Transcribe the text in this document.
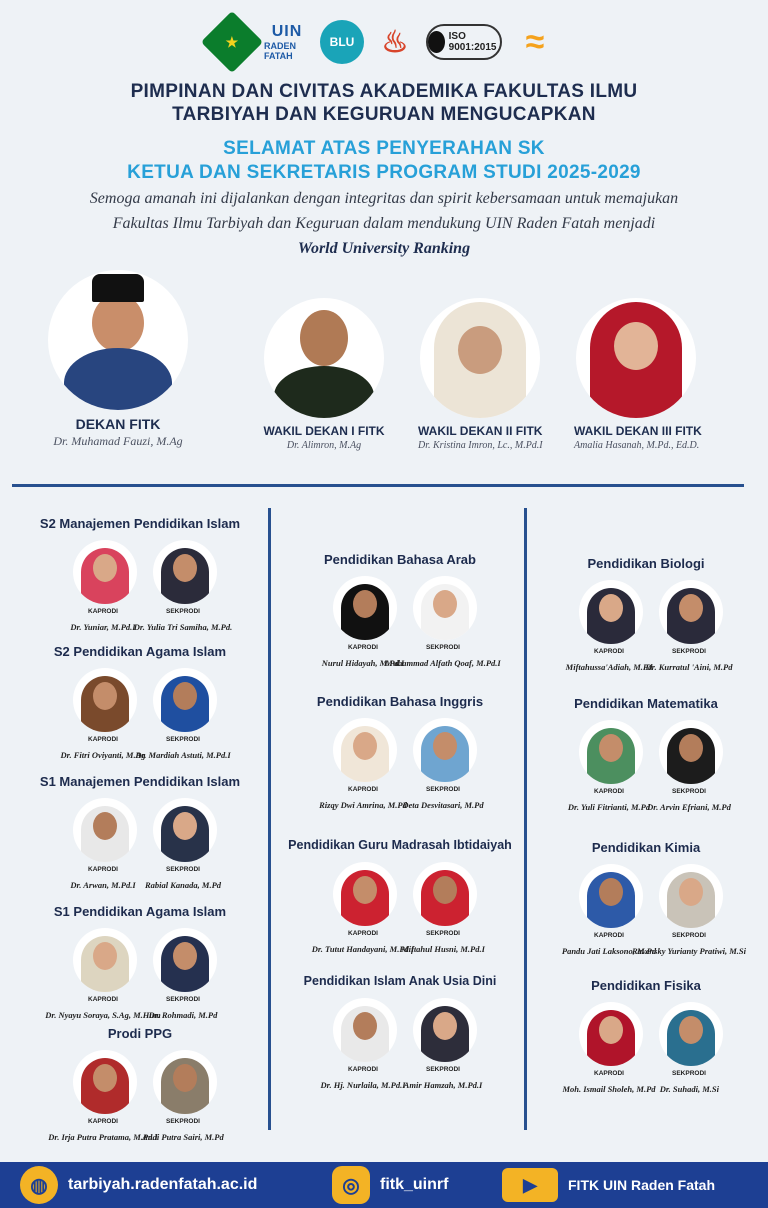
★
UIN
RADEN FATAH
BLU ♨	ISO 9001:2015 ≈
PIMPINAN DAN CIVITAS AKADEMIKA FAKULTAS ILMU
TARBIYAH DAN KEGURUAN MENGUCAPKAN
SELAMAT ATAS PENYERAHAN SK
KETUA DAN SEKRETARIS PROGRAM STUDI 2025-2029
Semoga amanah ini dijalankan dengan integritas dan spirit kebersamaan untuk memajukan
Fakultas Ilmu Tarbiyah dan Keguruan dalam mendukung UIN Raden Fatah menjadi
World University Ranking
DEKAN FITK
Dr. Muhamad Fauzi, M.Ag
WAKIL DEKAN I FITK
Dr. Alimron, M.Ag
WAKIL DEKAN II FITK
Dr. Kristina Imron, Lc., M.Pd.I
WAKIL DEKAN III FITK
Amalia Hasanah, M.Pd., Ed.D.
S2 Manajemen Pendidikan Islam
KAPRODI
Dr. Yuniar, M.Pd.I
SEKPRODI
Dr. Yulia Tri Samiha, M.Pd.
S2 Pendidikan Agama Islam
KAPRODI
Dr. Fitri Oviyanti, M.Ag
SEKPRODI
Dr. Mardiah Astuti, M.Pd.I
S1 Manajemen Pendidikan Islam
KAPRODI
Dr. Arwan, M.Pd.I
SEKPRODI
Rabial Kanada, M.Pd
S1 Pendidikan Agama Islam
KAPRODI
Dr. Nyayu Soraya, S.Ag, M.Hum
SEKPRODI
Dr. Rohmadi, M.Pd
Prodi PPG
KAPRODI
Dr. Irja Putra Pratama, M.Pd.I
SEKPRODI
Andi Putra Sairi, M.Pd
Pendidikan Bahasa Arab
KAPRODI
Nurul Hidayah, M.Pd.I
SEKPRODI
Muhammad Alfath Qoaf, M.Pd.I
Pendidikan Bahasa Inggris
KAPRODI
Rizqy Dwi Amrina, M.Pd
SEKPRODI
Deta Desvitasari, M.Pd
Pendidikan Guru Madrasah Ibtidaiyah
KAPRODI
Dr. Tutut Handayani, M.Pd.I
SEKPRODI
Miftahul Husni, M.Pd.I
Pendidikan Islam Anak Usia Dini
KAPRODI
Dr. Hj. Nurlaila, M.Pd.I
SEKPRODI
Amir Hamzah, M.Pd.I
Pendidikan Biologi
KAPRODI
Miftahussa'Adiah, M.Pd
SEKPRODI
Dr. Kurratul 'Aini, M.Pd
Pendidikan Matematika
KAPRODI
Dr. Yuli Fitrianti, M.Pd
SEKPRODI
Dr. Arvin Efriani, M.Pd
Pendidikan Kimia
KAPRODI
Pandu Jati Laksono, M.Pd
SEKPRODI
Ravensky Yurianty Pratiwi, M.Si
Pendidikan Fisika
KAPRODI
Moh. Ismail Sholeh, M.Pd
SEKPRODI
Dr. Suhadi, M.Si
◍	tarbiyah.radenfatah.ac.id	◎	fitk_uinrf	▶	FITK UIN Raden Fatah
